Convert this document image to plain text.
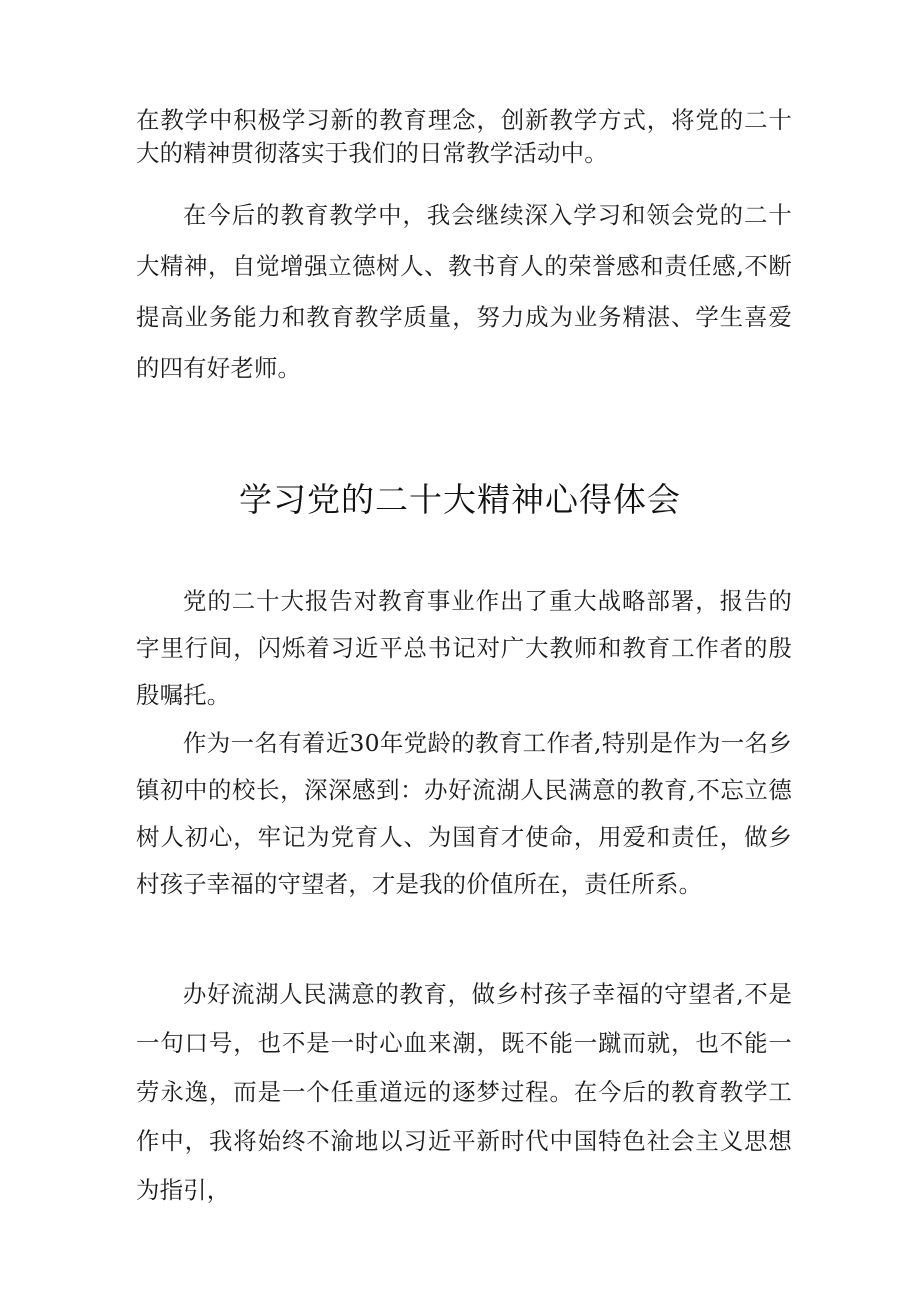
在教学中积极学习新的教育理念，创新教学方式，将党的二十大的精神贯彻落实于我们的日常教学活动中。

在今后的教育教学中，我会继续深入学习和领会党的二十大精神，自觉增强立德树人、教书育人的荣誉感和责任感,不断提高业务能力和教育教学质量，努力成为业务精湛、学生喜爱的四有好老师。

学习党的二十大精神心得体会

党的二十大报告对教育事业作出了重大战略部署，报告的字里行间，闪烁着习近平总书记对广大教师和教育工作者的殷殷嘱托。

作为一名有着近30年党龄的教育工作者,特别是作为一名乡镇初中的校长，深深感到：办好流湖人民满意的教育,不忘立德树人初心，牢记为党育人、为国育才使命，用爱和责任，做乡村孩子幸福的守望者，才是我的价值所在，责任所系。

办好流湖人民满意的教育，做乡村孩子幸福的守望者,不是一句口号，也不是一时心血来潮，既不能一蹴而就，也不能一劳永逸，而是一个任重道远的逐梦过程。在今后的教育教学工作中，我将始终不渝地以习近平新时代中国特色社会主义思想为指引，
